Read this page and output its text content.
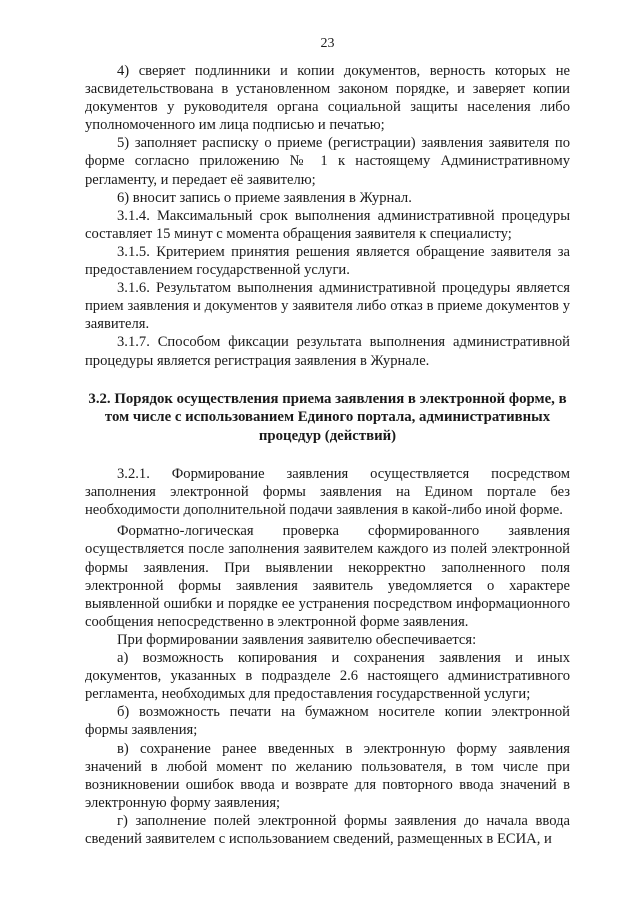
23

4) сверяет подлинники и копии документов, верность которых не засвидетельствована в установленном законом порядке, и заверяет копии документов у руководителя органа социальной защиты населения либо уполномоченного им лица подписью и печатью;

5) заполняет расписку о приеме (регистрации) заявления заявителя по форме согласно приложению № 1 к настоящему Административному регламенту, и передает её заявителю;

6) вносит запись о приеме заявления в Журнал.

3.1.4. Максимальный срок выполнения административной процедуры составляет 15 минут с момента обращения заявителя к специалисту;

3.1.5. Критерием принятия решения является обращение заявителя за предоставлением государственной услуги.

3.1.6. Результатом выполнения административной процедуры является прием заявления и документов у заявителя либо отказ в приеме документов у заявителя.

3.1.7. Способом фиксации результата выполнения административной процедуры является регистрация заявления в Журнале.

3.2. Порядок осуществления приема заявления в электронной форме, в
том числе с использованием Единого портала, административных
процедур (действий)

3.2.1. Формирование заявления осуществляется посредством заполнения электронной формы заявления на Едином портале без необходимости дополнительной подачи заявления в какой-либо иной форме.

Форматно-логическая проверка сформированного заявления осуществляется после заполнения заявителем каждого из полей электронной формы заявления. При выявлении некорректно заполненного поля электронной формы заявления заявитель уведомляется о характере выявленной ошибки и порядке ее устранения посредством информационного сообщения непосредственно в электронной форме заявления.

При формировании заявления заявителю обеспечивается:

а) возможность копирования и сохранения заявления и иных документов, указанных в подразделе 2.6 настоящего административного регламента, необходимых для предоставления государственной услуги;

б) возможность печати на бумажном носителе копии электронной формы заявления;

в) сохранение ранее введенных в электронную форму заявления значений в любой момент по желанию пользователя, в том числе при возникновении ошибок ввода и возврате для повторного ввода значений в электронную форму заявления;

г) заполнение полей электронной формы заявления до начала ввода сведений заявителем с использованием сведений, размещенных в ЕСИА, и
